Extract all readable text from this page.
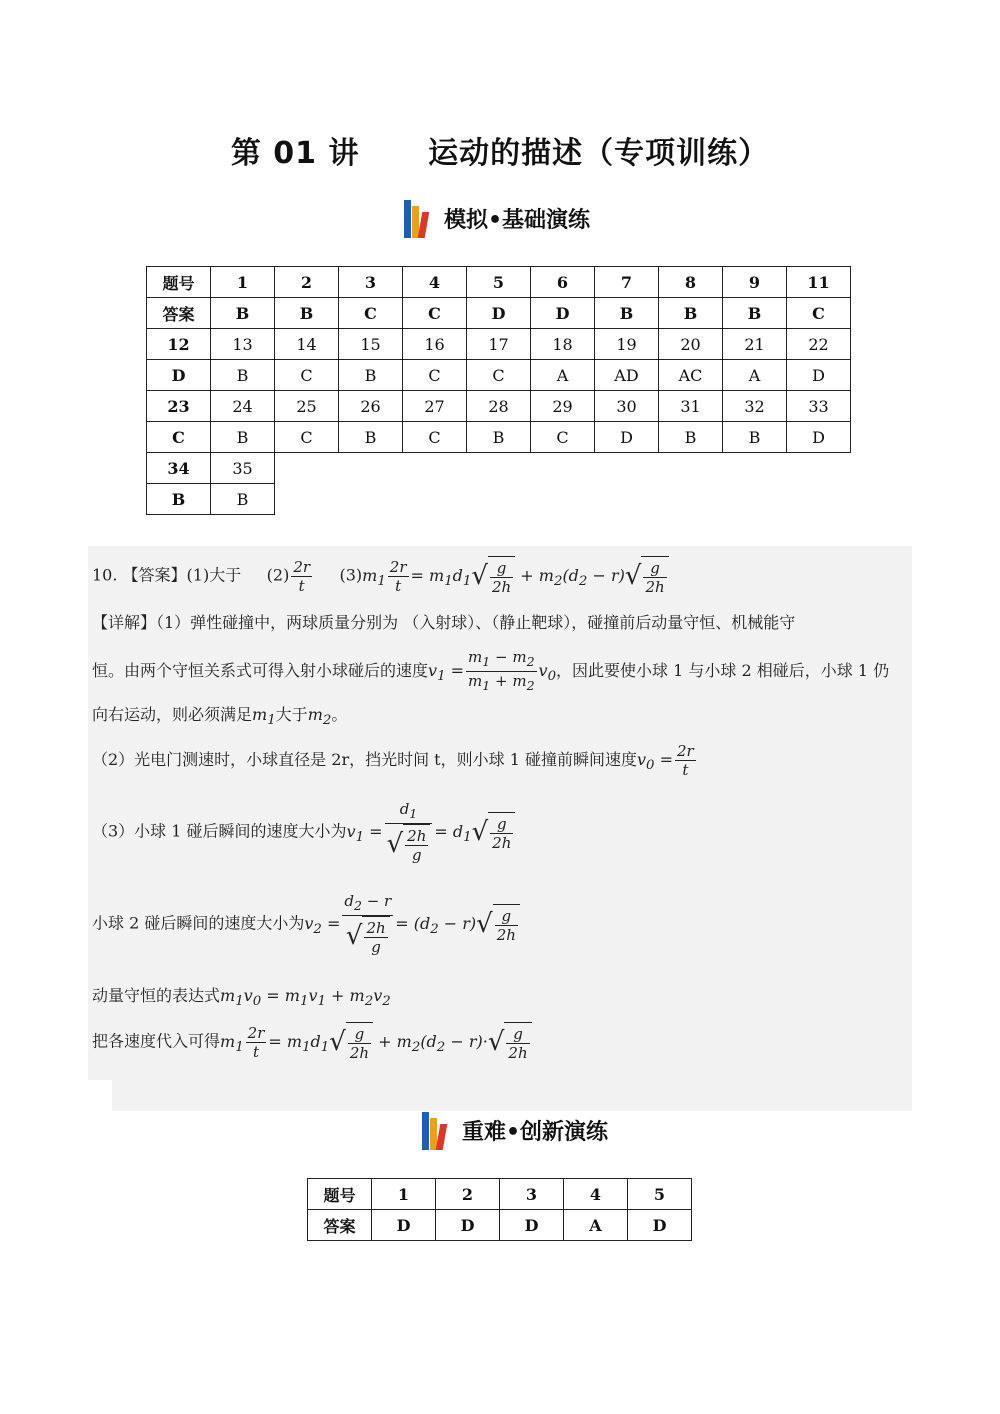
第 01 讲      运动的描述（专项训练）
模拟•基础演练
题号	1	2	3	4	5	6	7	8	9	11
答案	B	B	C	C	D	D	B	B	B	C
12	13	14	15	16	17	18	19	20	21	22
D	B	C	B	C	C	A	AD	AC	A	D
23	24	25	26	27	28	29	30	31	32	33
C	B	C	B	C	B	C	D	B	B	D
34	35									
B	B									
10. 【答案】(1)大于 $(2) \frac{2r}{t} (3)m_1 \frac{2r}{t} = m_1d_1√ \frac{g}{2h} + m_2(d_2 - r)√ \frac{g}{2h}$
【详解】（1）弹性碰撞中，两球质量分别为 （入射球）、（静止靶球），碰撞前后动量守恒、机械能守
恒。由两个守恒关系式可得入射小球碰后的速度$v_1 = \frac{m_1 - m_2}{m_1 + m_2} v_0$，因此要使小球 1 与小球 2 相碰后，小球 1 仍
向右运动，则必须满足$m_1$大于$m_2$。
（2）光电门测速时，小球直径是 2r，挡光时间 t，则小球 1 碰撞前瞬间速度$v_0 = \frac{2r}{t}$
（3）小球 1 碰后瞬间的速度大小为$v_1 = \frac{d_1}{√ \frac{2h}{g}} = d_1√ \frac{g}{2h}$
小球 2 碰后瞬间的速度大小为$v_2 = \frac{d_2 - r}{√ \frac{2h}{g}} = (d_2 - r)√ \frac{g}{2h}$
动量守恒的表达式$m_1v_0 = m_1v_1 + m_2v_2$
把各速度代入可得$m_1 \frac{2r}{t} = m_1d_1√ \frac{g}{2h} + m_2(d_2 - r)\cdot√ \frac{g}{2h}$
重难•创新演练
题号	1	2	3	4	5
答案	D	D	D	A	D
